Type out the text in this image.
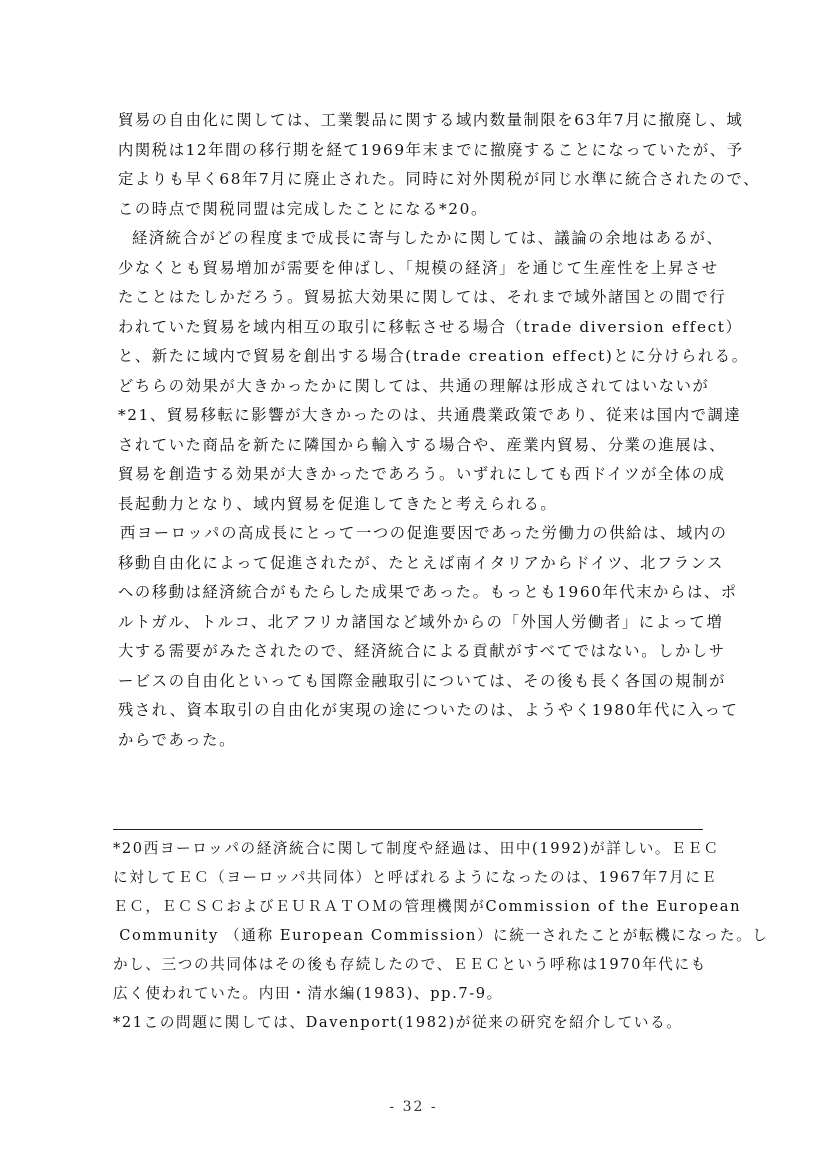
貿易の自由化に関しては、工業製品に関する域内数量制限を63年7月に撤廃し、域
内関税は12年間の移行期を経て1969年末までに撤廃することになっていたが、予
定よりも早く68年7月に廃止された。同時に対外関税が同じ水準に統合されたので、
この時点で関税同盟は完成したことになる*20。
経済統合がどの程度まで成長に寄与したかに関しては、議論の余地はあるが、
少なくとも貿易増加が需要を伸ばし、「規模の経済」を通じて生産性を上昇させ
たことはたしかだろう。貿易拡大効果に関しては、それまで域外諸国との間で行
われていた貿易を域内相互の取引に移転させる場合（trade diversion effect）
と、新たに域内で貿易を創出する場合(trade creation effect)とに分けられる。
どちらの効果が大きかったかに関しては、共通の理解は形成されてはいないが
*21、貿易移転に影響が大きかったのは、共通農業政策であり、従来は国内で調達
されていた商品を新たに隣国から輸入する場合や、産業内貿易、分業の進展は、
貿易を創造する効果が大きかったであろう。いずれにしても西ドイツが全体の成
長起動力となり、域内貿易を促進してきたと考えられる。
西ヨーロッパの高成長にとって一つの促進要因であった労働力の供給は、域内の
移動自由化によって促進されたが、たとえば南イタリアからドイツ、北フランス
への移動は経済統合がもたらした成果であった。もっとも1960年代末からは、ポ
ルトガル、トルコ、北アフリカ諸国など域外からの「外国人労働者」によって増
大する需要がみたされたので、経済統合による貢献がすべてではない。しかしサ
ービスの自由化といっても国際金融取引については、その後も長く各国の規制が
残され、資本取引の自由化が実現の途についたのは、ようやく1980年代に入って
からであった。
*20西ヨーロッパの経済統合に関して制度や経過は、田中(1992)が詳しい。ＥＥＣ
に対してＥＣ（ヨーロッパ共同体）と呼ばれるようになったのは、1967年7月にＥ
ＥＣ，ＥＣＳＣおよびＥＵＲＡＴＯＭの管理機関がCommission of the European
Community （通称 European Commission）に統一されたことが転機になった。し
かし、三つの共同体はその後も存続したので、ＥＥＣという呼称は1970年代にも
広く使われていた。内田・清水編(1983)、pp.7-9。
*21この問題に関しては、Davenport(1982)が従来の研究を紹介している。
- 32 -
